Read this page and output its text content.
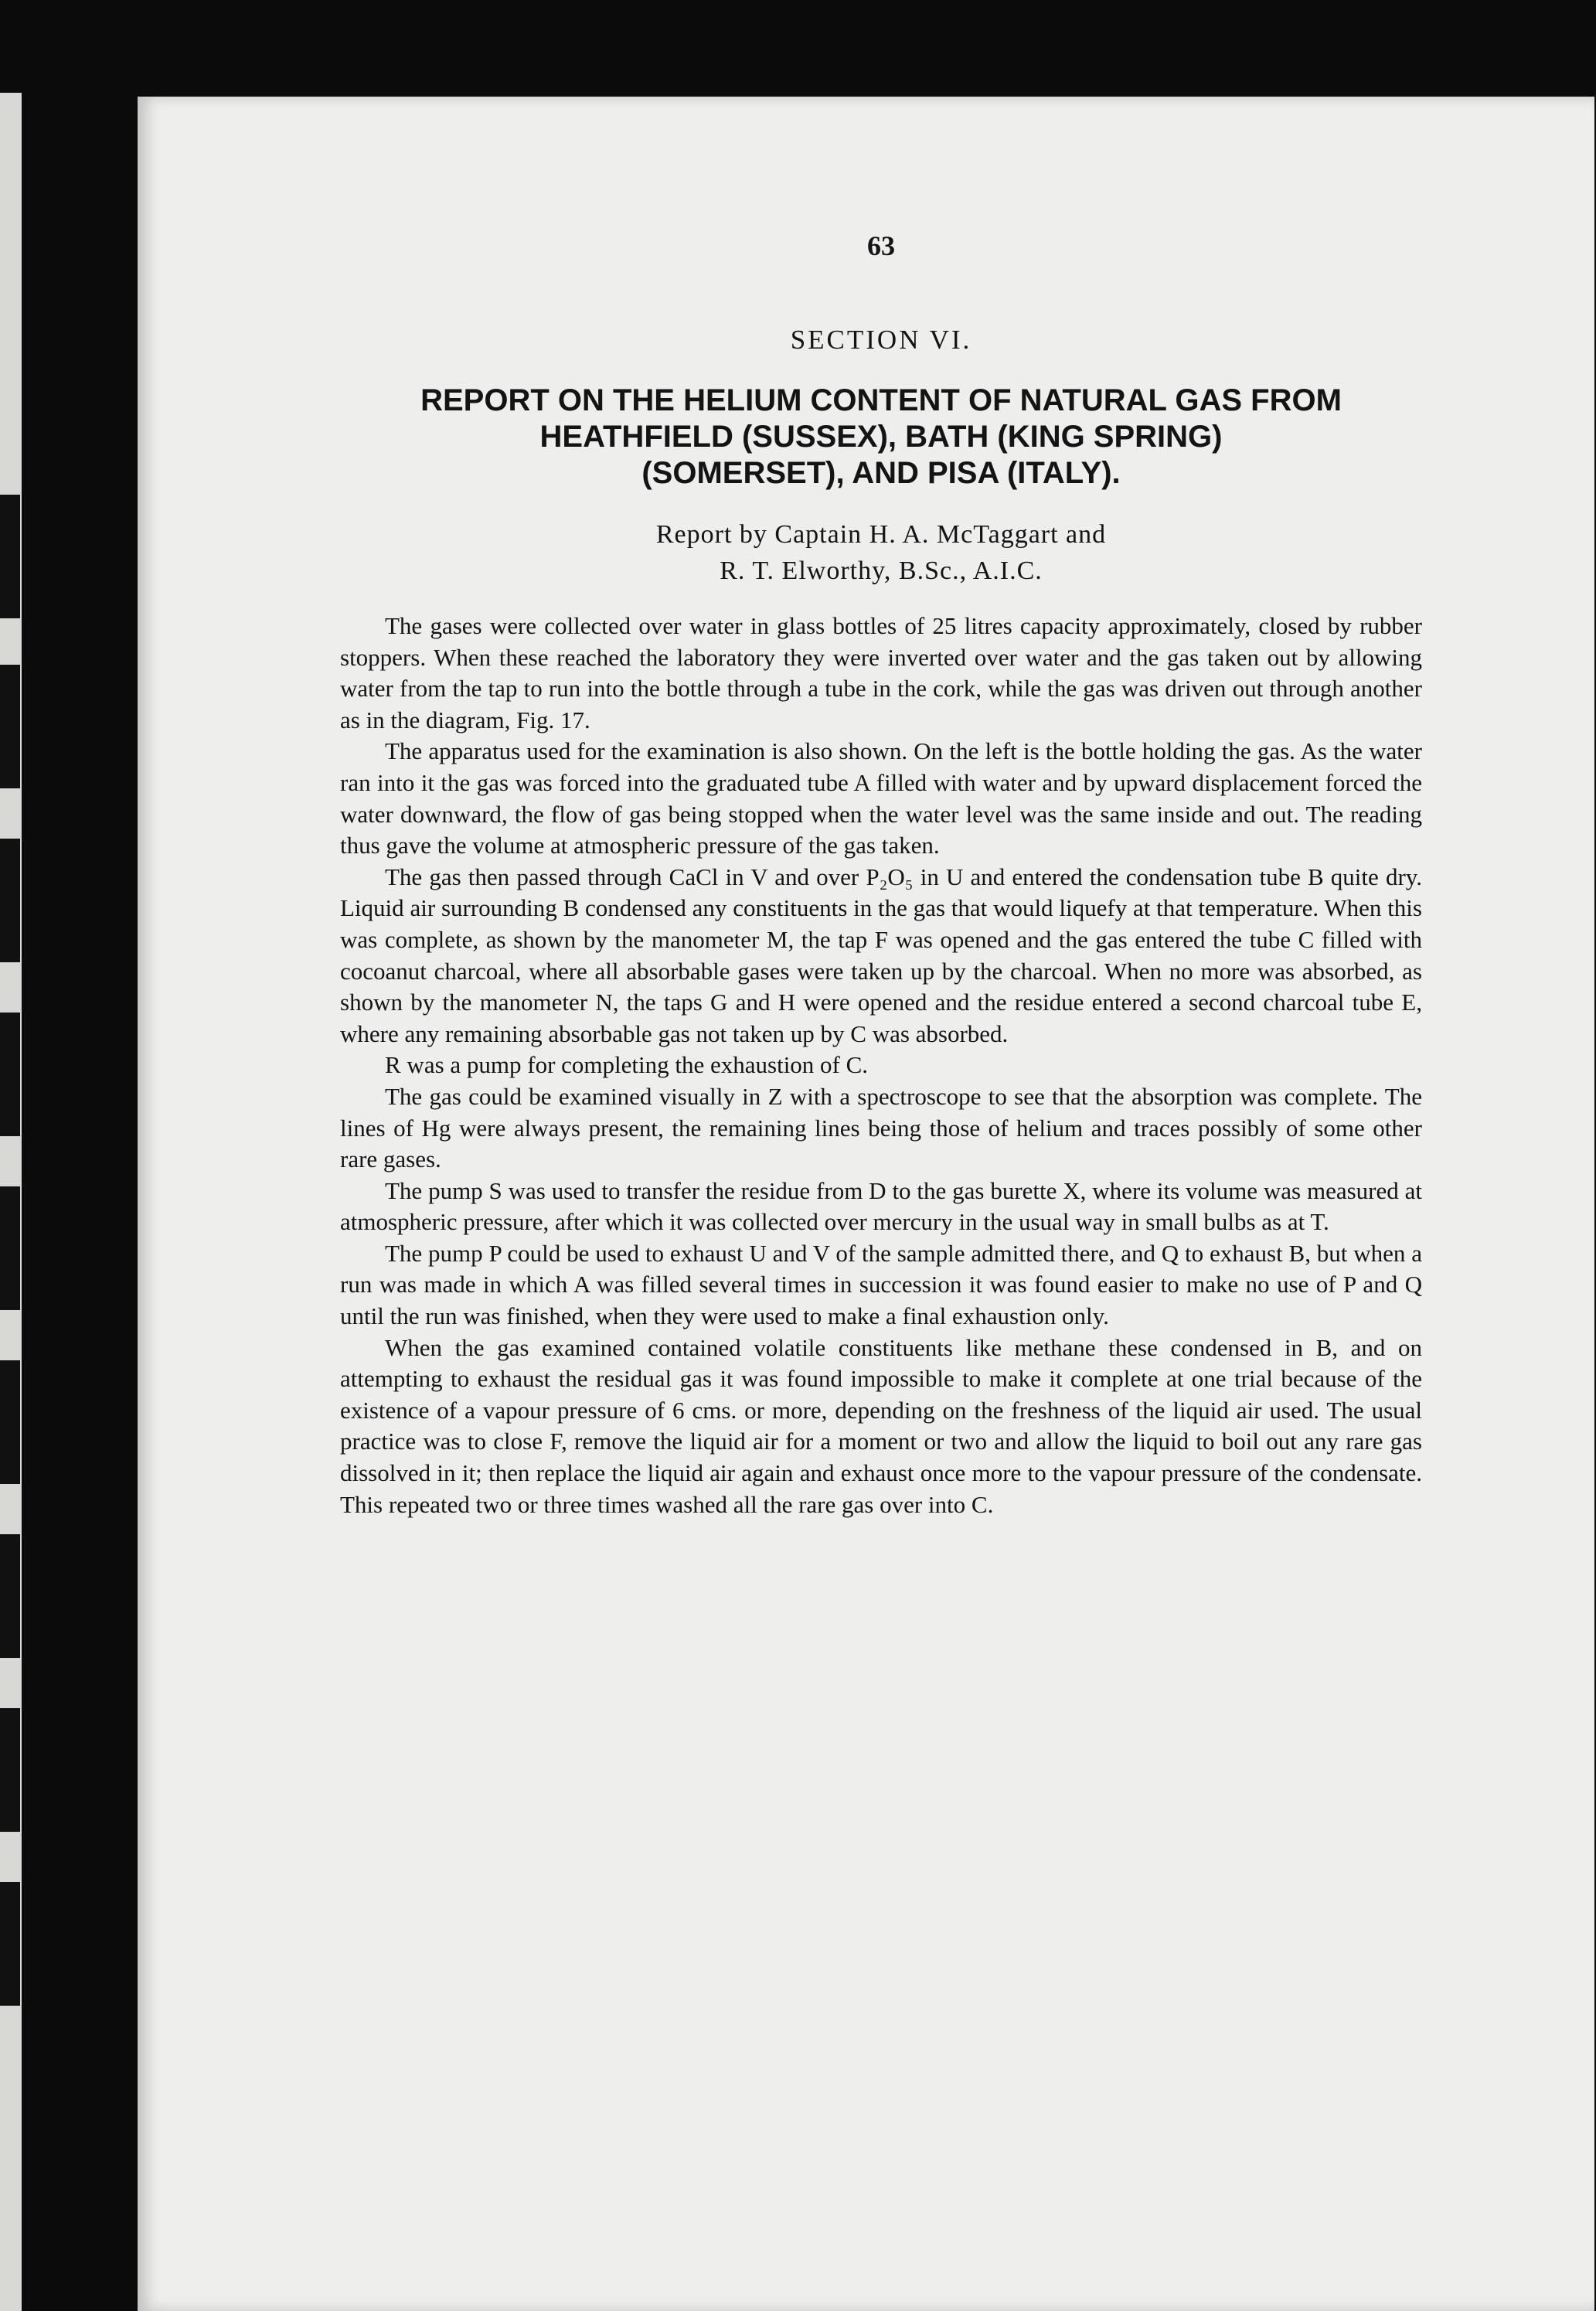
63
SECTION VI.
REPORT ON THE HELIUM CONTENT OF NATURAL GAS FROM
HEATHFIELD (SUSSEX), BATH (KING SPRING)
(SOMERSET), AND PISA (ITALY).
Report by Captain H. A. McTaggart and
R. T. Elworthy, B.Sc., A.I.C.

The gases were collected over water in glass bottles of 25 litres capacity approximately, closed by rubber stoppers. When these reached the laboratory they were inverted over water and the gas taken out by allowing water from the tap to run into the bottle through a tube in the cork, while the gas was driven out through another as in the diagram, Fig. 17.

The apparatus used for the examination is also shown. On the left is the bottle holding the gas. As the water ran into it the gas was forced into the graduated tube A filled with water and by upward displacement forced the water downward, the flow of gas being stopped when the water level was the same inside and out. The reading thus gave the volume at atmospheric pressure of the gas taken.

The gas then passed through CaCl in V and over P₂O₅ in U and entered the condensation tube B quite dry. Liquid air surrounding B condensed any constituents in the gas that would liquefy at that temperature. When this was complete, as shown by the manometer M, the tap F was opened and the gas entered the tube C filled with cocoanut charcoal, where all absorbable gases were taken up by the charcoal. When no more was absorbed, as shown by the manometer N, the taps G and H were opened and the residue entered a second charcoal tube E, where any remaining absorbable gas not taken up by C was absorbed.

R was a pump for completing the exhaustion of C.

The gas could be examined visually in Z with a spectroscope to see that the absorption was complete. The lines of Hg were always present, the remaining lines being those of helium and traces possibly of some other rare gases.

The pump S was used to transfer the residue from D to the gas burette X, where its volume was measured at atmospheric pressure, after which it was collected over mercury in the usual way in small bulbs as at T.

The pump P could be used to exhaust U and V of the sample admitted there, and Q to exhaust B, but when a run was made in which A was filled several times in succession it was found easier to make no use of P and Q until the run was finished, when they were used to make a final exhaustion only.

When the gas examined contained volatile constituents like methane these condensed in B, and on attempting to exhaust the residual gas it was found impossible to make it complete at one trial because of the existence of a vapour pressure of 6 cms. or more, depending on the freshness of the liquid air used. The usual practice was to close F, remove the liquid air for a moment or two and allow the liquid to boil out any rare gas dissolved in it; then replace the liquid air again and exhaust once more to the vapour pressure of the condensate. This repeated two or three times washed all the rare gas over into C.
